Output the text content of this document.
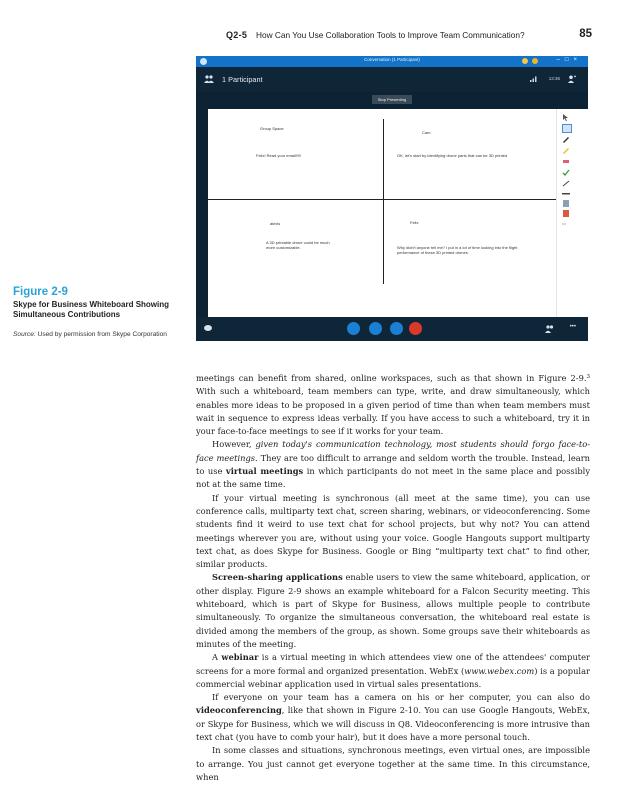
Q2-5 How Can You Use Collaboration Tools to Improve Team Communication?	85
Conversation (1 Participant)	–□×
1 Participant	13:36
Stop Presenting
Group Space
Cam
Felix! Read your email!!!!!	OK, let's start by identifying drone parts that can be 3D printed
alexis	Felix
A 3D printable drone could be much more customizable.	Why didn't anyone tell me? I put in a lot of time looking into the flight performance of these 3D printed drones.
•••
•••
Figure 2-9
Skype for Business Whiteboard Showing Simultaneous Contributions
Source: Used by permission from Skype Corporation

meetings can benefit from shared, online workspaces, such as that shown in Figure 2-9.$^3$ With such a whiteboard, team members can type, write, and draw simultaneously, which enables more ideas to be proposed in a given period of time than when team members must wait in sequence to express ideas verbally. If you have access to such a whiteboard, try it in your face-to-face meetings to see if it works for your team.

However, given today's communication technology, most students should forgo face-to-face meetings. They are too difficult to arrange and seldom worth the trouble. Instead, learn to use virtual meetings in which participants do not meet in the same place and possibly not at the same time.

If your virtual meeting is synchronous (all meet at the same time), you can use conference calls, multiparty text chat, screen sharing, webinars, or videoconferencing. Some students find it weird to use text chat for school projects, but why not? You can attend meetings wherever you are, without using your voice. Google Hangouts support multiparty text chat, as does Skype for Business. Google or Bing “multiparty text chat” to find other, similar products.

Screen-sharing applications enable users to view the same whiteboard, application, or other display. Figure 2-9 shows an example whiteboard for a Falcon Security meeting. This whiteboard, which is part of Skype for Business, allows multiple people to contribute simultaneously. To organize the simultaneous conversation, the whiteboard real estate is divided among the members of the group, as shown. Some groups save their whiteboards as minutes of the meeting.

A webinar is a virtual meeting in which attendees view one of the attendees' computer screens for a more formal and organized presentation. WebEx (www.webex.com) is a popular commercial webinar application used in virtual sales presentations.

If everyone on your team has a camera on his or her computer, you can also do videoconferencing, like that shown in Figure 2-10. You can use Google Hangouts, WebEx, or Skype for Business, which we will discuss in Q8. Videoconferencing is more intrusive than text chat (you have to comb your hair), but it does have a more personal touch.

In some classes and situations, synchronous meetings, even virtual ones, are impossible to arrange. You just cannot get everyone together at the same time. In this circumstance, when
